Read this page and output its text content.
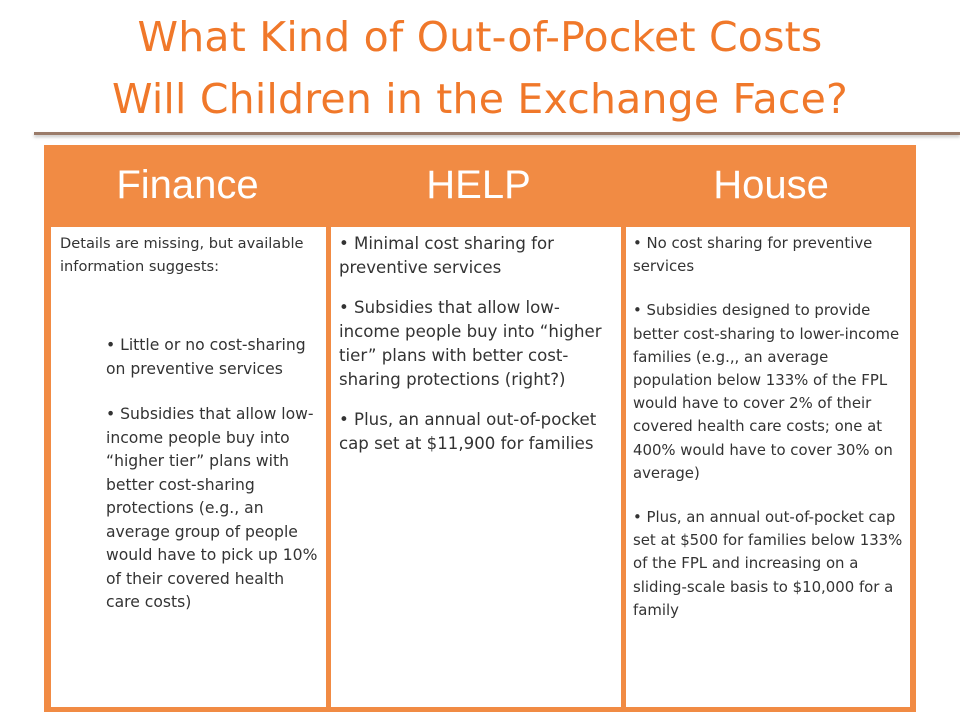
What Kind of Out-of-Pocket Costs
Will Children in the Exchange Face?
Finance	HELP	House
Details are missing, but available information suggests:

• Little or no cost-sharing on preventive services

• Subsidies that allow low-income people buy into “higher tier” plans with better cost-sharing protections (e.g., an average group of people would have to pick up 10% of their covered health care costs)

• Minimal cost sharing for preventive services

• Subsidies that allow low-income people buy into “higher tier” plans with better cost-sharing protections (right?)

• Plus, an annual out-of-pocket cap set at $11,900 for families

• No cost sharing for preventive services

• Subsidies designed to provide better cost-sharing to lower-income families (e.g.,, an average population below 133% of the FPL would have to cover 2% of their covered health care costs; one at 400% would have to cover 30% on average)

• Plus, an annual out-of-pocket cap set at $500 for families below 133% of the FPL and increasing on a sliding-scale basis to $10,000 for a family
